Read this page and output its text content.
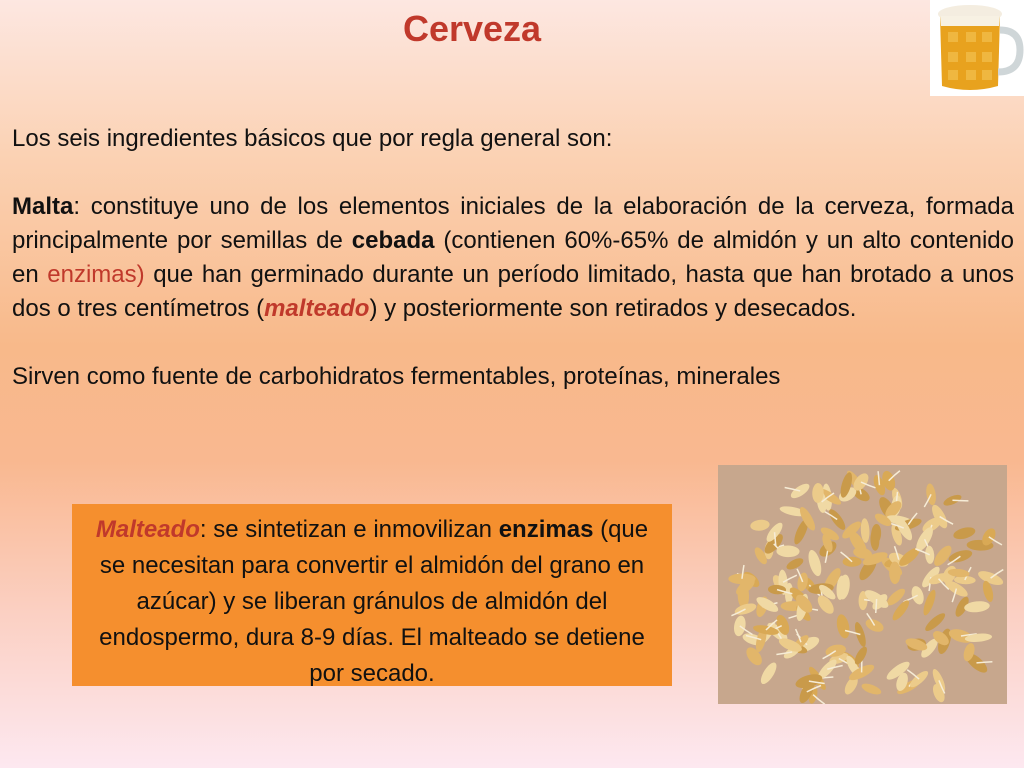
Cerveza

Los seis ingredientes básicos que por regla general son:

Malta: constituye uno de los elementos iniciales de la elaboración de la cerveza, formada principalmente por semillas de cebada (contienen 60%-65% de almidón y un alto contenido en enzimas) que han germinado durante un período limitado, hasta que han brotado a unos dos o tres centímetros (malteado) y posteriormente son retirados y desecados.

Sirven como fuente de carbohidratos fermentables, proteínas, minerales

Malteado: se sintetizan e inmovilizan enzimas (que se necesitan para convertir el almidón del grano en azúcar) y se liberan gránulos de almidón del endospermo, dura 8-9 días. El malteado se detiene por secado.
